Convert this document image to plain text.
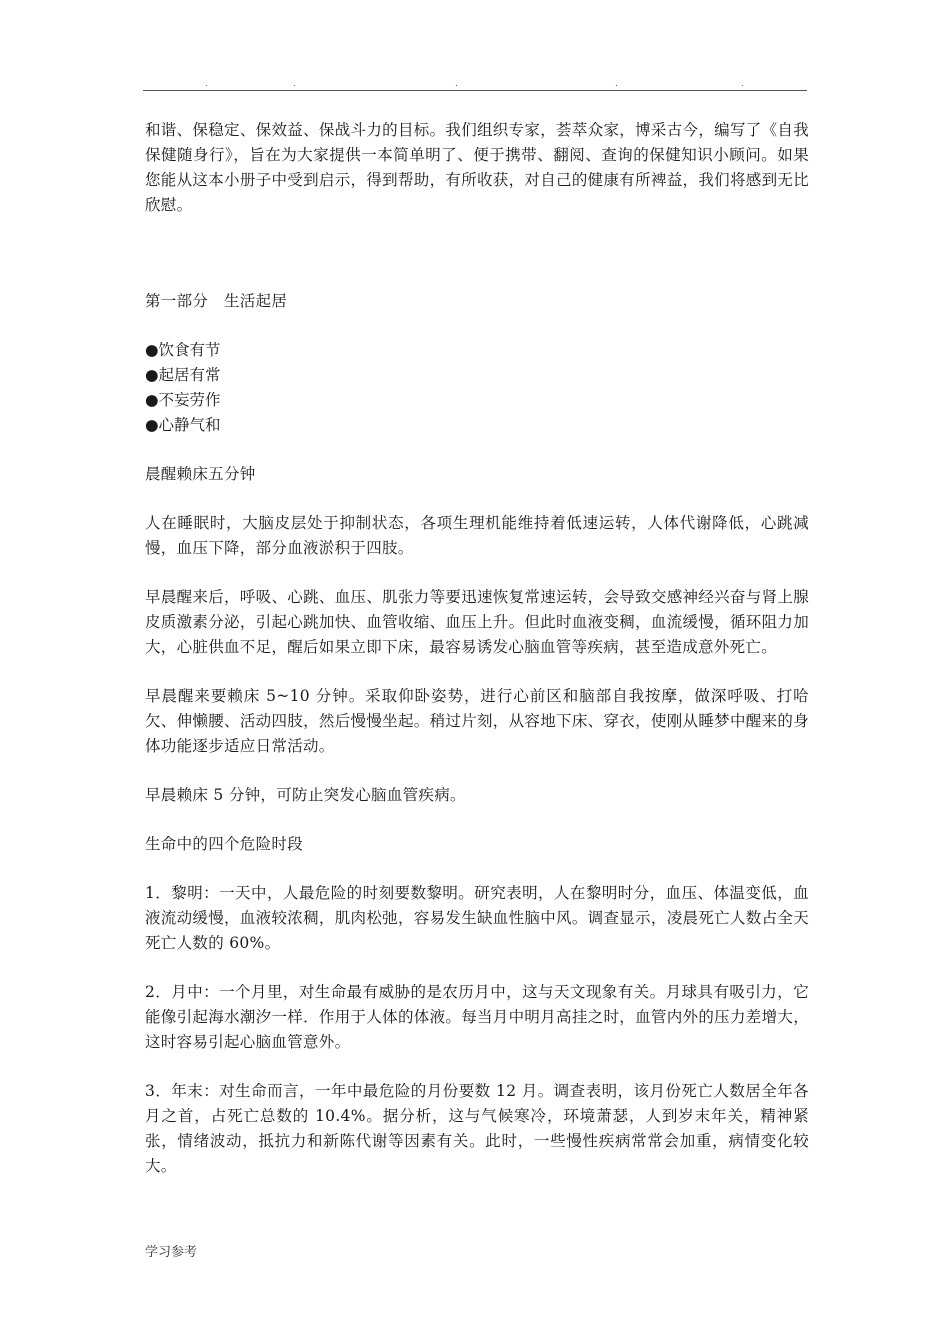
.	.	.	.	.

和谐、保稳定、保效益、保战斗力的目标。我们组织专家，荟萃众家，博采古今，编写了《自我保健随身行》，旨在为大家提供一本简单明了、便于携带、翻阅、查询的保健知识小顾问。如果您能从这本小册子中受到启示，得到帮助，有所收获，对自己的健康有所裨益，我们将感到无比欣慰。

第一部分　生活起居

●饮食有节
●起居有常
●不妄劳作
●心静气和

晨醒赖床五分钟

人在睡眠时，大脑皮层处于抑制状态，各项生理机能维持着低速运转，人体代谢降低，心跳减慢，血压下降，部分血液淤积于四肢。

早晨醒来后，呼吸、心跳、血压、肌张力等要迅速恢复常速运转，会导致交感神经兴奋与肾上腺皮质激素分泌，引起心跳加快、血管收缩、血压上升。但此时血液变稠，血流缓慢，循环阻力加大，心脏供血不足，醒后如果立即下床，最容易诱发心脑血管等疾病，甚至造成意外死亡。

早晨醒来要赖床 5~10 分钟。采取仰卧姿势，进行心前区和脑部自我按摩，做深呼吸、打哈欠、伸懒腰、活动四肢，然后慢慢坐起。稍过片刻，从容地下床、穿衣，使刚从睡梦中醒来的身体功能逐步适应日常活动。

早晨赖床 5 分钟，可防止突发心脑血管疾病。

生命中的四个危险时段

1．黎明：一天中，人最危险的时刻要数黎明。研究表明，人在黎明时分，血压、体温变低，血液流动缓慢，血液较浓稠，肌肉松弛，容易发生缺血性脑中风。调查显示，凌晨死亡人数占全天死亡人数的 60%。

2．月中：一个月里，对生命最有威胁的是农历月中，这与天文现象有关。月球具有吸引力，它能像引起海水潮汐一样．作用于人体的体液。每当月中明月高挂之时，血管内外的压力差增大，这时容易引起心脑血管意外。

3．年末：对生命而言，一年中最危险的月份要数 12 月。调查表明，该月份死亡人数居全年各月之首，占死亡总数的 10.4%。据分析，这与气候寒冷，环境萧瑟，人到岁末年关，精神紧张，情绪波动，抵抗力和新陈代谢等因素有关。此时，一些慢性疾病常常会加重，病情变化较大。

学习参考
